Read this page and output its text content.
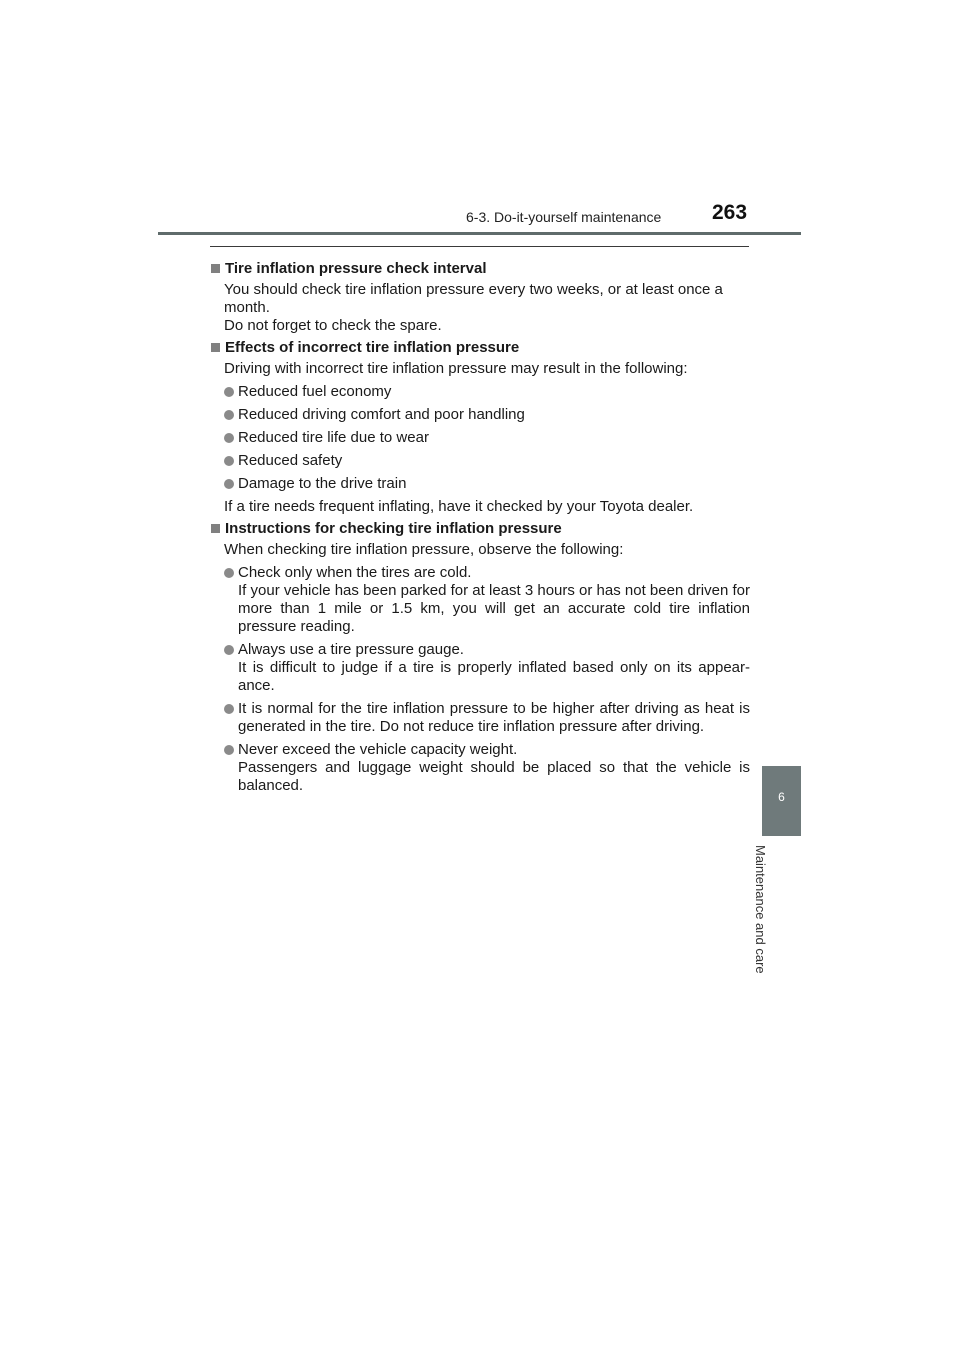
6-3. Do-it-yourself maintenance 263
6
Maintenance and care
Tire inflation pressure check interval
You should check tire inflation pressure every two weeks, or at least once a month.
Do not forget to check the spare.
Effects of incorrect tire inflation pressure
Driving with incorrect tire inflation pressure may result in the following:
Reduced fuel economy
Reduced driving comfort and poor handling
Reduced tire life due to wear
Reduced safety
Damage to the drive train
If a tire needs frequent inflating, have it checked by your Toyota dealer.
Instructions for checking tire inflation pressure
When checking tire inflation pressure, observe the following:
Check only when the tires are cold.
If your vehicle has been parked for at least 3 hours or has not been driven for more than 1 mile or 1.5 km, you will get an accurate cold tire inflation pressure reading.
Always use a tire pressure gauge.
It is difficult to judge if a tire is properly inflated based only on its appear- ance.
It is normal for the tire inflation pressure to be higher after driving as heat is generated in the tire. Do not reduce tire inflation pressure after driving.
Never exceed the vehicle capacity weight.
Passengers and luggage weight should be placed so that the vehicle is balanced.
